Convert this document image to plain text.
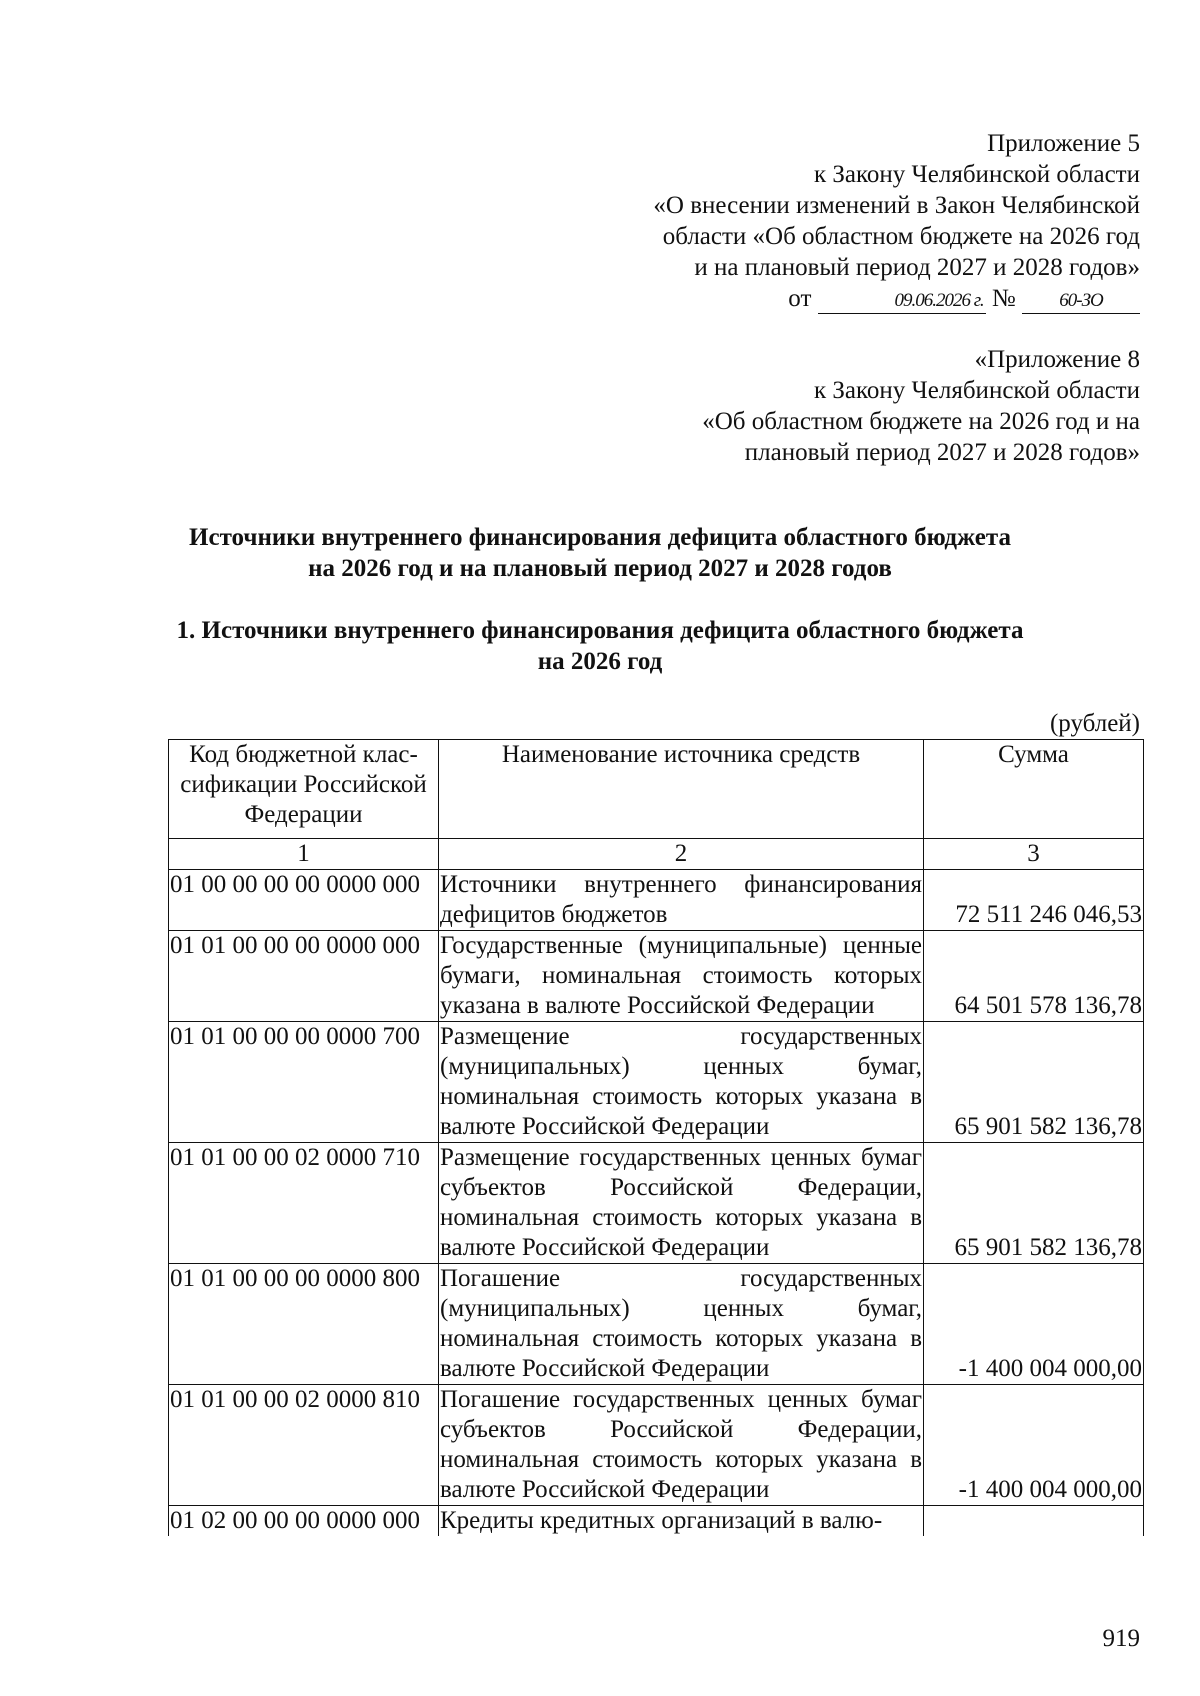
Приложение 5
к Закону Челябинской области
«О внесении изменений в Закон Челябинской
области «Об областном бюджете на 2026 год
и на плановый период 2027 и 2028 годов»
от	09.06.2026 г. № 60-ЗО
«Приложение 8
к Закону Челябинской области
«Об областном бюджете на 2026 год и на
плановый период 2027 и 2028 годов»
Источники внутреннего финансирования дефицита областного бюджета
на 2026 год и на плановый период 2027 и 2028 годов
1. Источники внутреннего финансирования дефицита областного бюджета
на 2026 год
(рублей)
Код бюджетной клас-сификации Российской Федерации	Наименование источника средств	Сумма
1	2	3
01 00 00 00 00 0000 000	Источники внутреннего финансирования дефицитов бюджетов	72 511 246 046,53
01 01 00 00 00 0000 000	Государственные (муниципальные) ценные бумаги, номинальная стоимость которых указана в валюте Российской Федерации	64 501 578 136,78
01 01 00 00 00 0000 700	Размещение государственных (муниципальных) ценных бумаг, номинальная стоимость которых указана в валюте Российской Федерации	65 901 582 136,78
01 01 00 00 02 0000 710	Размещение государственных ценных бумаг субъектов Российской Федерации, номинальная стоимость которых указана в валюте Российской Федерации	65 901 582 136,78
01 01 00 00 00 0000 800	Погашение государственных (муниципальных) ценных бумаг, номинальная стоимость которых указана в валюте Российской Федерации	-1 400 004 000,00
01 01 00 00 02 0000 810	Погашение государственных ценных бумаг субъектов Российской Федерации, номинальная стоимость которых указана в валюте Российской Федерации	-1 400 004 000,00
01 02 00 00 00 0000 000	Кредиты кредитных организаций в валю-	
919
